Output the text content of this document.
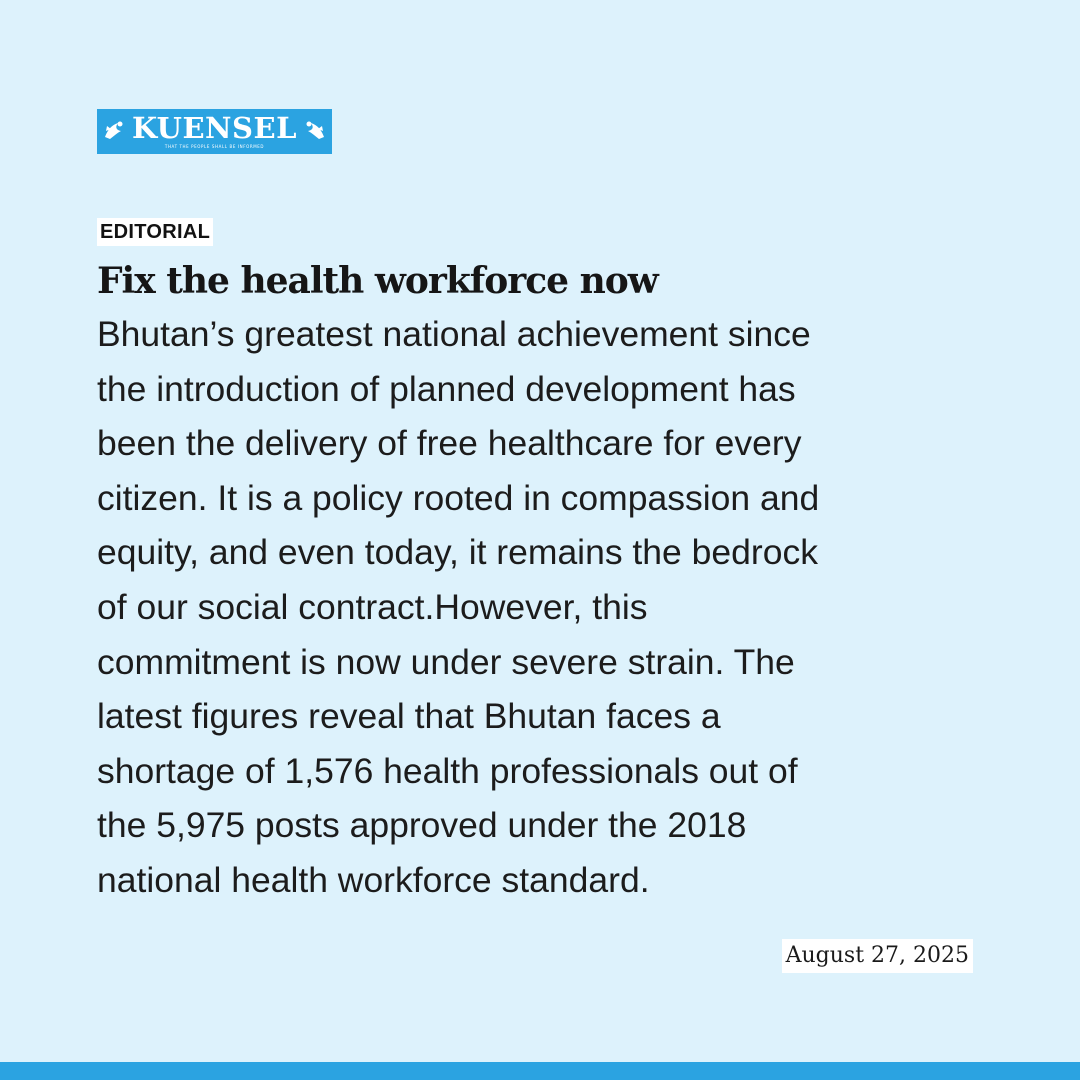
KUENSEL
THAT THE PEOPLE SHALL BE INFORMED
EDITORIAL
Fix the health workforce now
Bhutan’s greatest national achievement since
the introduction of planned development has
been the delivery of free healthcare for every
citizen. It is a policy rooted in compassion and
equity, and even today, it remains the bedrock
of our social contract.However, this
commitment is now under severe strain. The
latest figures reveal that Bhutan faces a
shortage of 1,576 health professionals out of
the 5,975 posts approved under the 2018
national health workforce standard.
August 27, 2025
